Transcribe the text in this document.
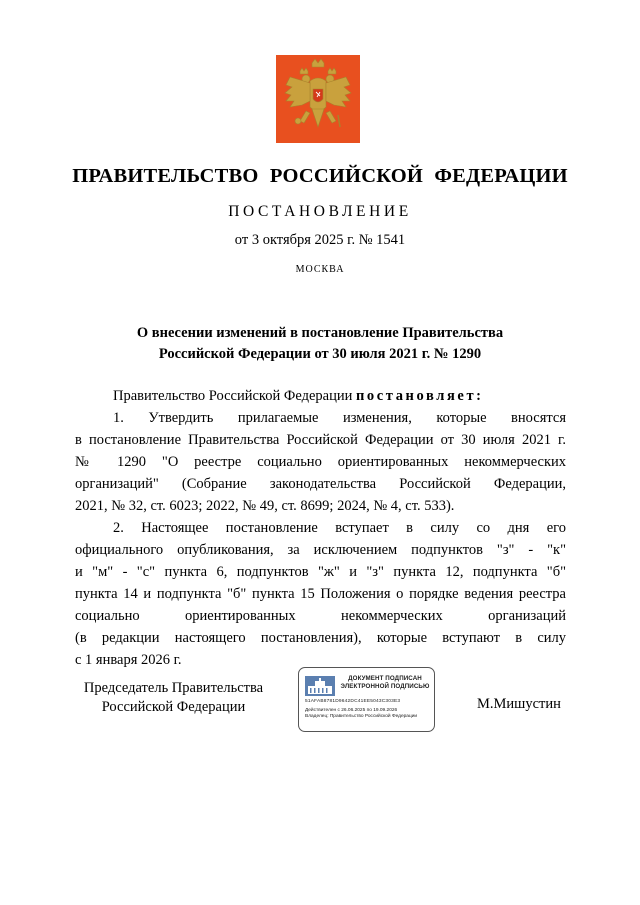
ПРАВИТЕЛЬСТВО РОССИЙСКОЙ ФЕДЕРАЦИИ
ПОСТАНОВЛЕНИЕ
от 3 октября 2025 г. № 1541
МОСКВА
О внесении изменений в постановление Правительства
Российской Федерации от 30 июля 2021 г. № 1290

Правительство Российской Федерации постановляет:

1. Утвердить прилагаемые изменения, которые вносятся
в постановление Правительства Российской Федерации от 30 июля 2021 г.
№ 1290 "О реестре социально ориентированных некоммерческих
организаций" (Собрание законодательства Российской Федерации,
2021, № 32, ст. 6023; 2022, № 49, ст. 8699; 2024, № 4, ст. 533).

2. Настоящее постановление вступает в силу со дня его
официального опубликования, за исключением подпунктов "з" - "к"
и "м" - "с" пункта 6, подпунктов "ж" и "з" пункта 12, подпункта "б"
пункта 14 и подпункта "б" пункта 15 Положения о порядке ведения реестра
социально ориентированных некоммерческих организаций
(в редакции настоящего постановления), которые вступают в силу
с 1 января 2026 г.

Председатель Правительства
Российской Федерации
ДОКУМЕНТ ПОДПИСАН
ЭЛЕКТРОННОЙ ПОДПИСЬЮ
51AFAB8781D9642DC41EE5043C303E3
Действителен с 26.06.2025 по 19.09.2026
Владелец: Правительство Российской Федерации
М.Мишустин
